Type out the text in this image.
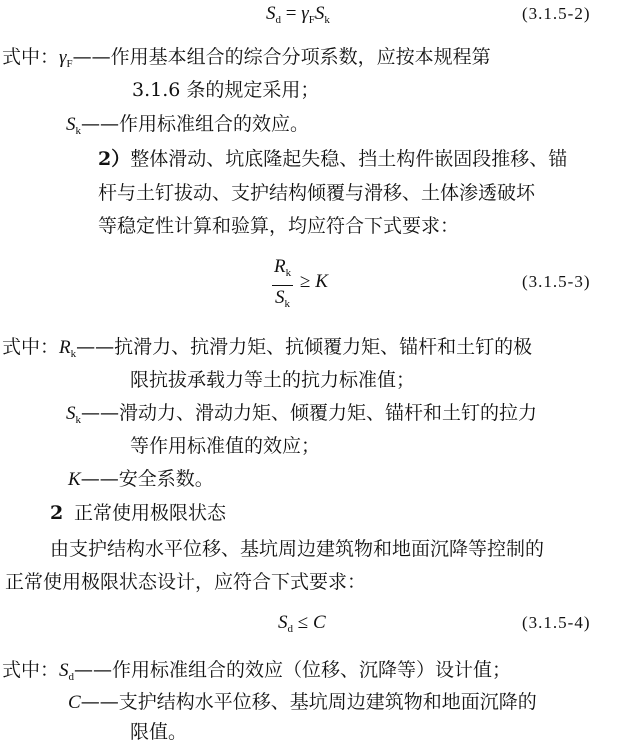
$S_d = \gamma_FS_k$	(3.1.5-2)
式中：$\gamma_F——$作用基本组合的综合分项系数，应按本规程第
3.1.6 条的规定采用；
$S_k——$作用标准组合的效应。
2）整体滑动、坑底隆起失稳、挡土构件嵌固段推移、锚
杆与土钉拔动、支护结构倾覆与滑移、土体渗透破坏
等稳定性计算和验算，均应符合下式要求：
$\frac{R_k}{S_k} \ge K$	(3.1.5-3)
式中：$R_k——$抗滑力、抗滑力矩、抗倾覆力矩、锚杆和土钉的极
限抗拔承载力等土的抗力标准值；
$S_k——$滑动力、滑动力矩、倾覆力矩、锚杆和土钉的拉力
等作用标准值的效应；
K——安全系数。
2 正常使用极限状态
由支护结构水平位移、基坑周边建筑物和地面沉降等控制的
正常使用极限状态设计，应符合下式要求：
$S_d \le C$	(3.1.5-4)
式中：$S_d——$作用标准组合的效应（位移、沉降等）设计值；
C——支护结构水平位移、基坑周边建筑物和地面沉降的
限值。
